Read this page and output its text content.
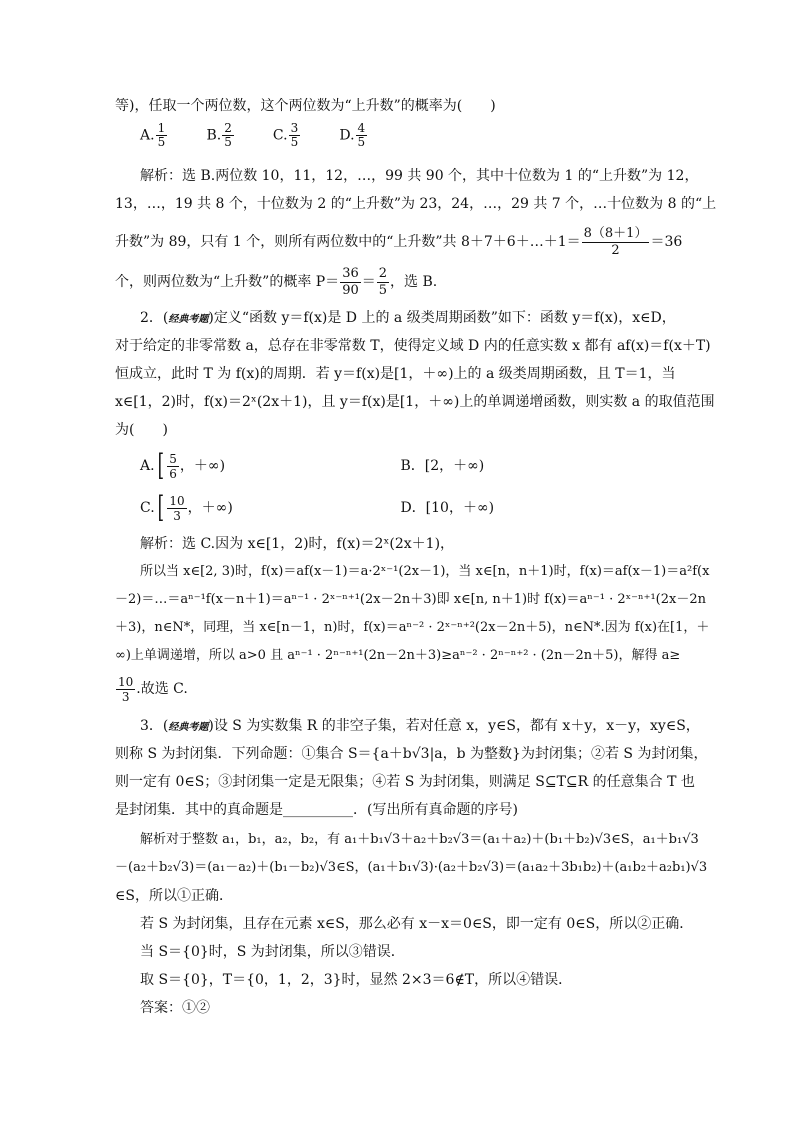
等)，任取一个两位数，这个两位数为“上升数”的概率为(　　)
A. $\frac{1}{5}$	B. $\frac{2}{5}$	C. $\frac{3}{5}$	D. $\frac{4}{5}$
解析：选 B.两位数 10，11，12，…，99 共 90 个，其中十位数为 1 的“上升数”为 12，
13，…，19 共 8 个，十位数为 2 的“上升数”为 23，24，…，29 共 7 个，…十位数为 8 的“上
升数”为 89，只有 1 个，则所有两位数中的“上升数”共 8＋7＋6＋…＋1＝ $\frac{8(8+1)}{2} =36$
个，则两位数为“上升数”的概率 $P= \frac{36}{90} = \frac{2}{5}$ ，选 B.
2．(经典考题)定义“函数 y＝f(x)是 D 上的 a 级类周期函数”如下：函数 y＝f(x)，x∈D，
对于给定的非零常数 a，总存在非零常数 T，使得定义域 D 内的任意实数 x 都有 af(x)＝f(x＋T)
恒成立，此时 T 为 f(x)的周期．若 y＝f(x)是[1，＋∞)上的 a 级类周期函数，且 T＝1，当
x∈[1，2)时，f(x)＝2ˣ(2x＋1)，且 y＝f(x)是[1，＋∞)上的单调递增函数，则实数 a 的取值范围
为(　　)
$A.[ \frac{5}{6}$ ，＋∞)	B．[2，＋∞)
$C.[ \frac{10}{3}$ ，＋∞)	D．[10，＋∞)
解析：选 C.因为 x∈[1，2)时，f(x)＝2ˣ(2x＋1)，
所以当 x∈[2, 3)时，f(x)＝af(x－1)＝a·2ˣ⁻¹(2x－1)，当 x∈[n，n＋1)时，f(x)＝af(x－1)＝a²f(x
－2)＝…＝aⁿ⁻¹f(x－n＋1)＝aⁿ⁻¹ · 2ˣ⁻ⁿ⁺¹(2x－2n＋3)即 x∈[n, n＋1)时 f(x)＝aⁿ⁻¹ · 2ˣ⁻ⁿ⁺¹(2x－2n
＋3)，n∈N*，同理，当 x∈[n－1，n)时，f(x)＝aⁿ⁻² · 2ˣ⁻ⁿ⁺²(2x－2n＋5)，n∈N*.因为 f(x)在[1，＋
∞)上单调递增，所以 a>0 且 aⁿ⁻¹ · 2ⁿ⁻ⁿ⁺¹(2n－2n＋3)≥aⁿ⁻² · 2ⁿ⁻ⁿ⁺² · (2n－2n＋5)，解得 a≥
$\frac{10}{3}$ .故选 C.
3．(经典考题)设 S 为实数集 R 的非空子集，若对任意 x，y∈S，都有 x＋y，x－y，xy∈S，
则称 S 为封闭集．下列命题：①集合 S＝{a＋b√3|a，b 为整数}为封闭集；②若 S 为封闭集，
则一定有 0∈S；③封闭集一定是无限集；④若 S 为封闭集，则满足 S⊆T⊆R 的任意集合 T 也
是封闭集．其中的真命题是__________．(写出所有真命题的序号)
解析对于整数 a₁，b₁，a₂，b₂，有 a₁＋b₁√3＋a₂＋b₂√3＝(a₁＋a₂)＋(b₁＋b₂)√3∈S，a₁＋b₁√3
－(a₂＋b₂√3)＝(a₁－a₂)＋(b₁－b₂)√3∈S，(a₁＋b₁√3)·(a₂＋b₂√3)＝(a₁a₂＋3b₁b₂)＋(a₁b₂＋a₂b₁)√3
∈S，所以①正确．
若 S 为封闭集，且存在元素 x∈S，那么必有 x－x＝0∈S，即一定有 0∈S，所以②正确．
当 S＝{0}时，S 为封闭集，所以③错误．
取 S＝{0}，T＝{0，1，2，3}时，显然 2×3＝6∉T，所以④错误．
答案：①②
